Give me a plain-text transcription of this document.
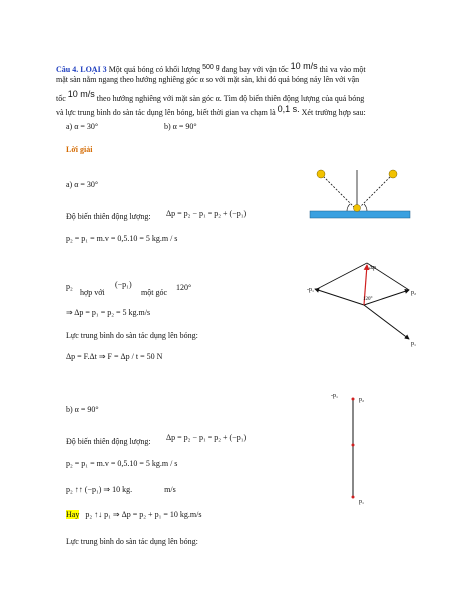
Câu 4. LOẠI 3 Một quả bóng có khối lượng 500 g đang bay với vận tốc 10 m/s thì va vào một
mặt sàn nằm ngang theo hướng nghiêng góc α so với mặt sàn, khi đó quả bóng nảy lên với vận
tốc 10 m/s theo hướng nghiêng với mặt sàn góc α. Tìm độ biến thiên động lượng của quả bóng
và lực trung bình do sàn tác dụng lên bóng, biết thời gian va chạm là 0,1 s. Xét trường hợp sau:
a) α = 30°	b) α = 90°
Lời giải
a) α = 30°
Độ biến thiên động lượng: Δp = p₂ − p₁ = p₂ + (−p₁)
p₂ = p₁ = m.v = 0,5.10 = 5 kg.m / s
p₂
hợp với
(−p₁)
một góc
120°
⇒ Δp = p₁ = p₂ = 5 kg.m/s
Lực trung bình do sàn tác dụng lên bóng:
Δp = F.Δt ⇒ F = Δp / t = 50 N
b) α = 90°
Độ biến thiên động lượng: Δp = p₂ − p₁ = p₂ + (−p₁)
p₂ = p₁ = m.v = 0,5.10 = 5 kg.m / s
p₂ ↑↑ (−p₁) ⇒ 10 kg.	m/s
Hay p₂ ↑↓ p₁ ⇒ Δp = p₂ + p₁ = 10 kg.m/s
Lực trung bình do sàn tác dụng lên bóng:
Δp
-p₁	p₂
p₁
120°
-p₁
p₂
p₁
